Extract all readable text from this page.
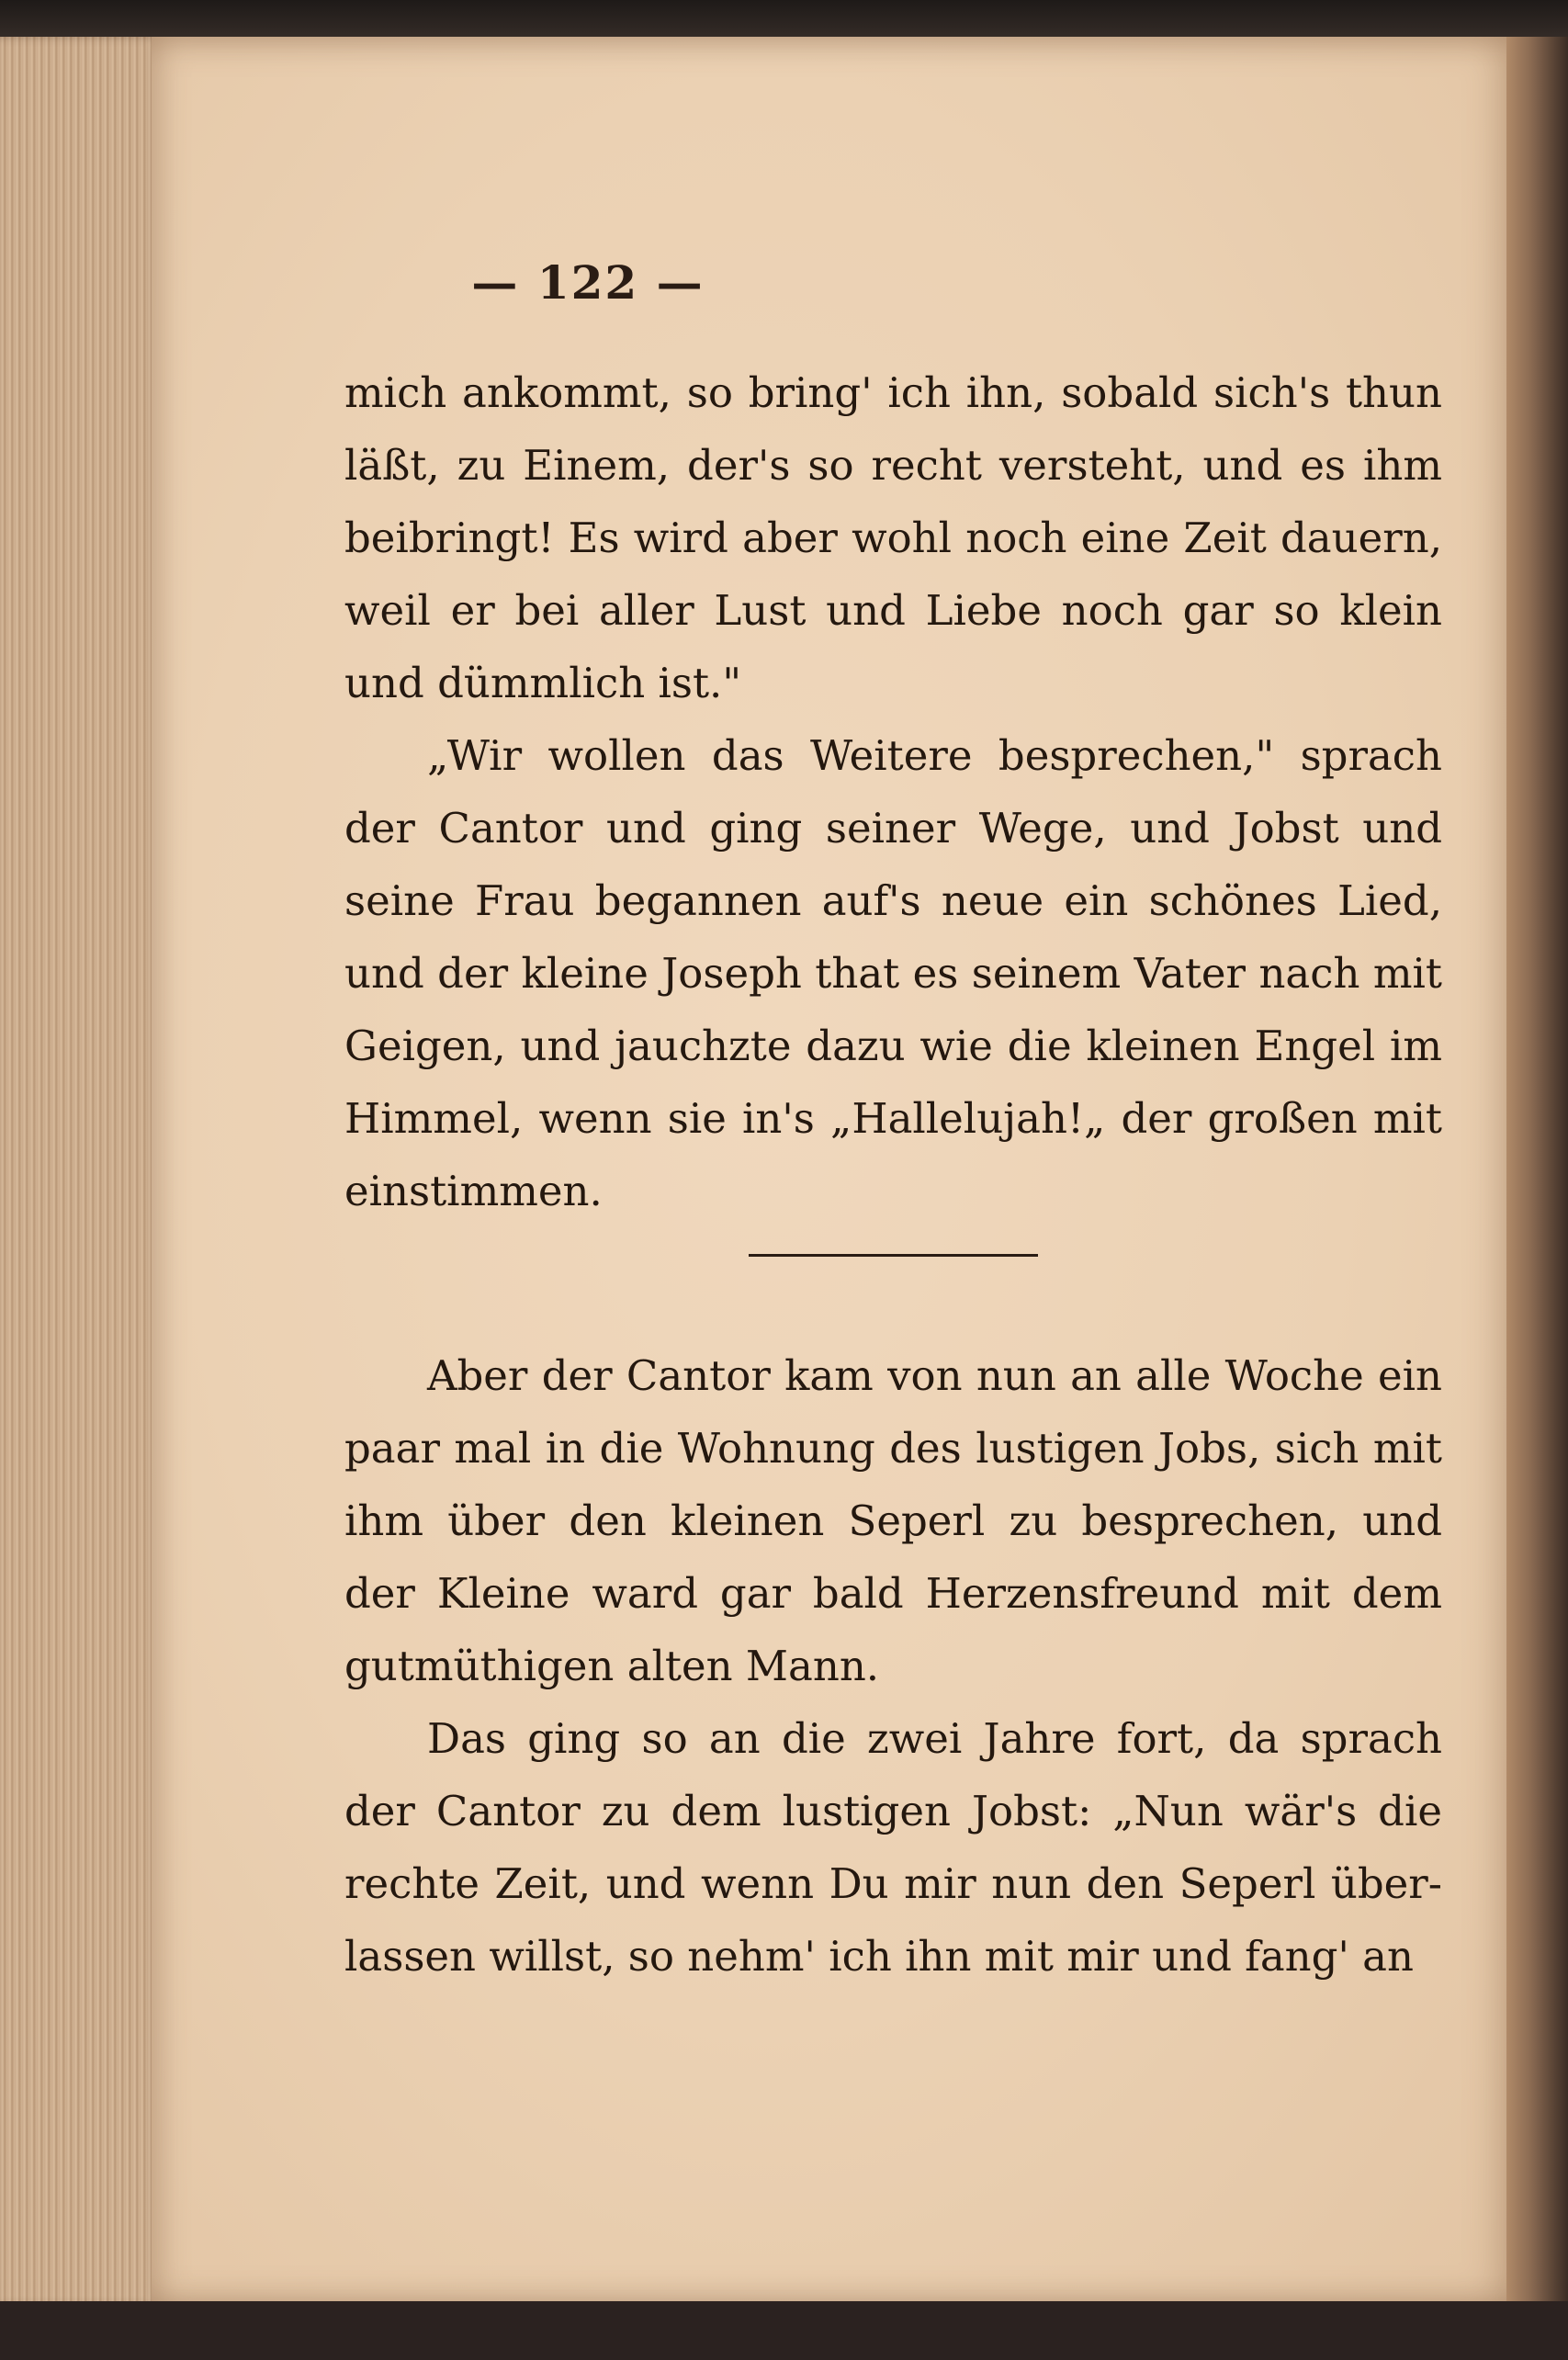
— 122 —

mich ankommt, so bring' ich ihn, sobald sich's thun läßt, zu Einem, der's so recht versteht, und es ihm beibringt! Es wird aber wohl noch eine Zeit dauern, weil er bei aller Lust und Liebe noch gar so klein und dümmlich ist."

„Wir wollen das Weitere besprechen," sprach der Cantor und ging seiner Wege, und Jobst und seine Frau begannen auf's neue ein schönes Lied, und der kleine Joseph that es seinem Vater nach mit Geigen, und jauchzte dazu wie die kleinen Engel im Himmel, wenn sie in's „Hallelujah!„ der großen mit einstimmen.

Aber der Cantor kam von nun an alle Woche ein paar mal in die Wohnung des lustigen Jobs, sich mit ihm über den kleinen Seperl zu besprechen, und der Kleine ward gar bald Herzensfreund mit dem gutmüthigen alten Mann.

Das ging so an die zwei Jahre fort, da sprach der Cantor zu dem lustigen Jobst: „Nun wär's die rechte Zeit, und wenn Du mir nun den Seperl über- lassen willst, so nehm' ich ihn mit mir und fang' an
